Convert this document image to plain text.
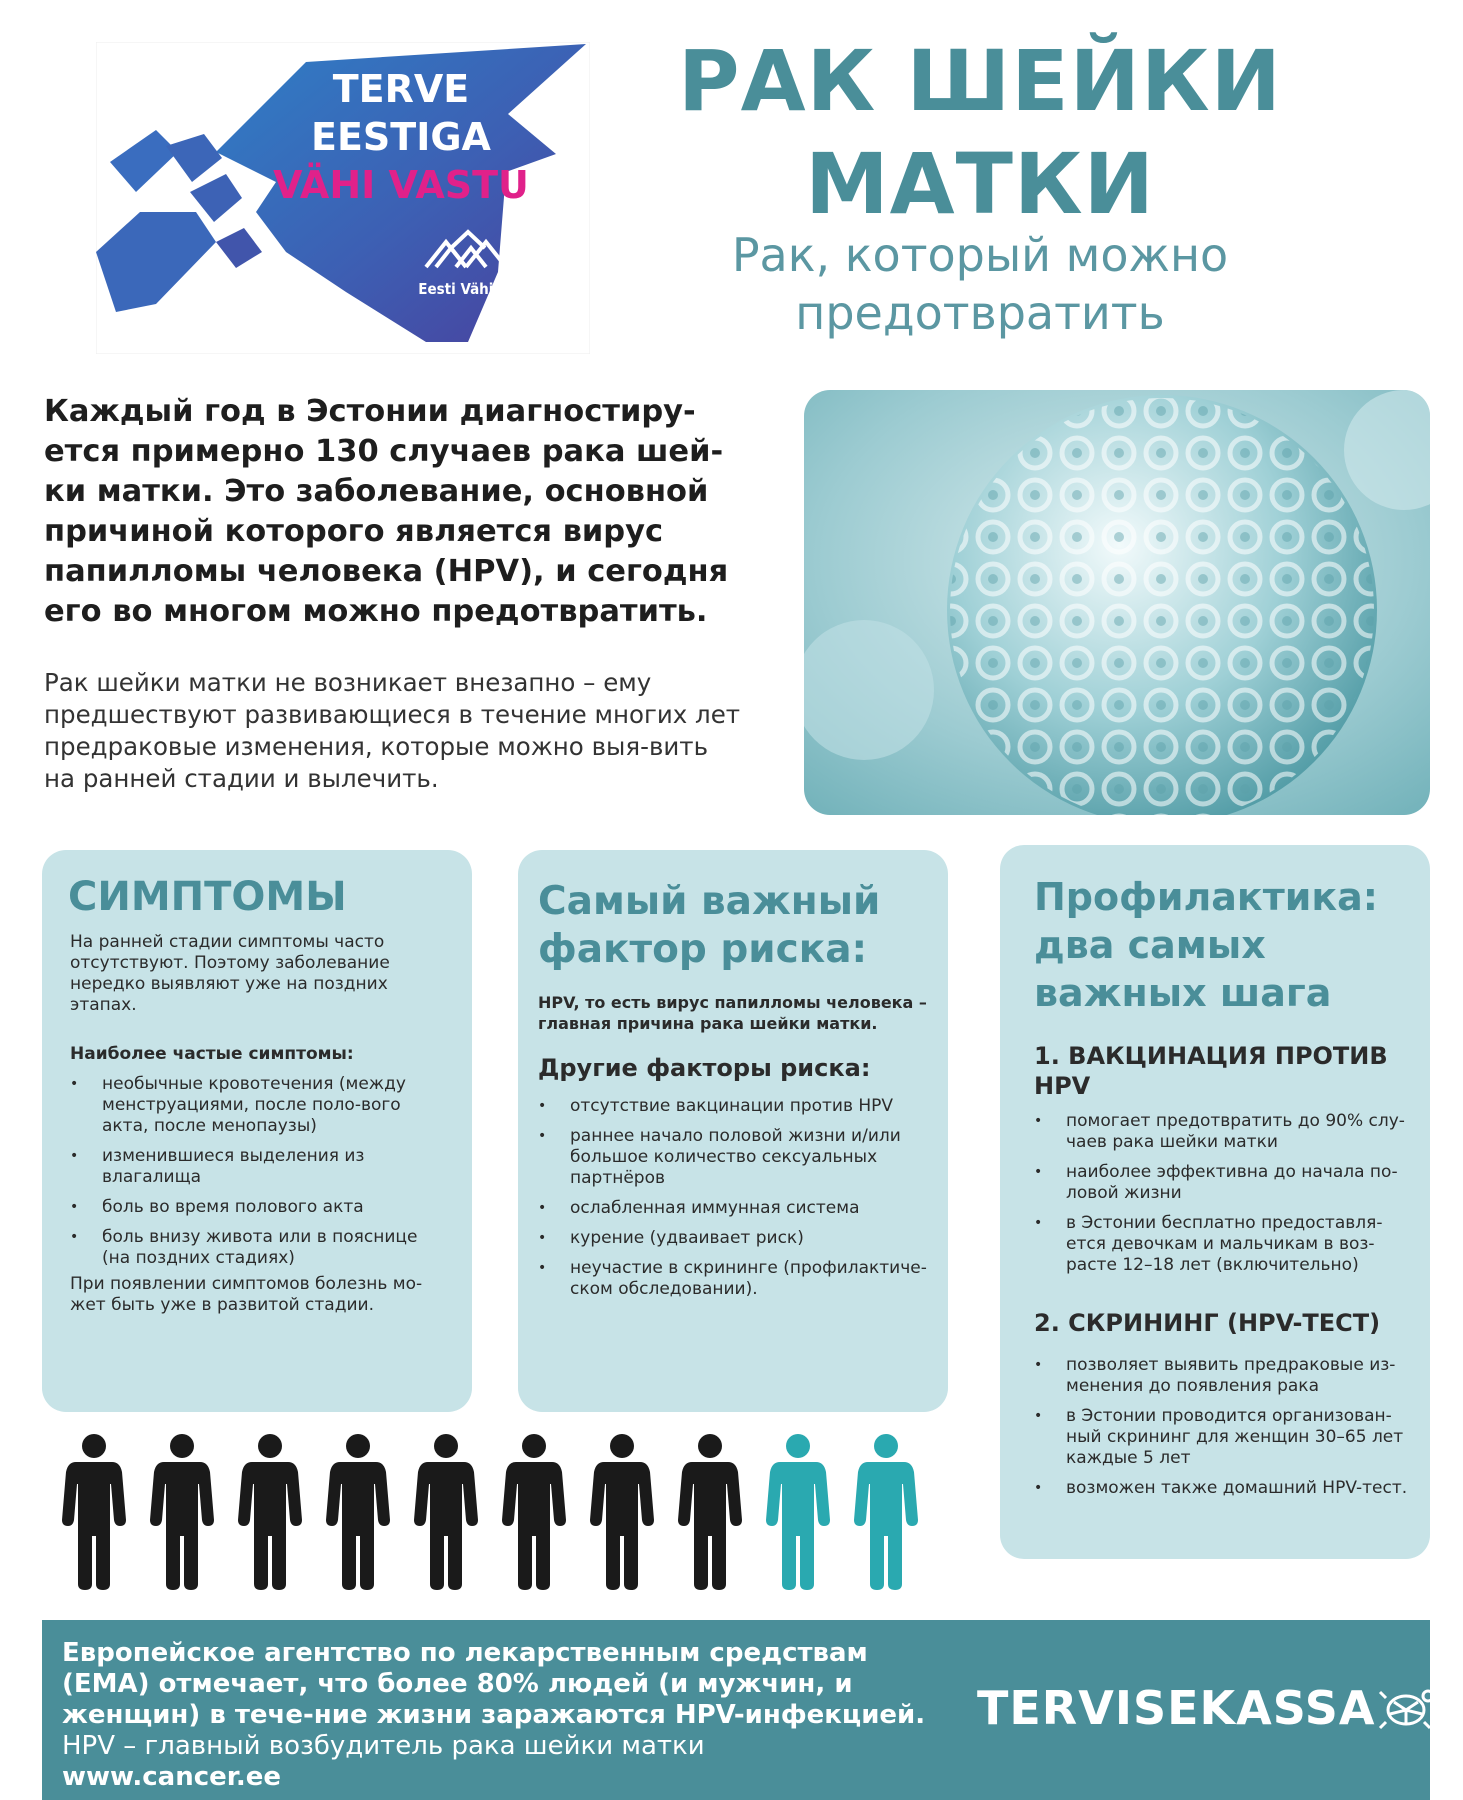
TERVE
EESTIGA
VÄHI VASTU
Eesti Vähiliit
РАК ШЕЙКИ
МАТКИ

Рак, который можно
предотвратить

Каждый год в Эстонии диагностиру-ется примерно 130 случаев рака шей-ки матки. Это заболевание, основной причиной которого является вирус папилломы человека (HPV), и сегодня его во многом можно предотвратить.

Рак шейки матки не возникает внезапно – ему предшествуют развивающиеся в течение многих лет предраковые изменения, которые можно выя-вить на ранней стадии и вылечить.

СИМПТОМЫ

На ранней стадии симптомы часто отсутствуют. Поэтому заболевание нередко выявляют уже на поздних этапах.

Наиболее частые симптомы:

• необычные кровотечения (между менструациями, после поло-вого акта, после менопаузы)
• изменившиеся выделения из влагалища
• боль во время полового акта
• боль внизу живота или в пояснице (на поздних стадиях)

При появлении симптомов болезнь мо-жет быть уже в развитой стадии.

Самый важный фактор риска:

HPV, то есть вирус папилломы человека – главная причина рака шейки матки.

Другие факторы риска:

• отсутствие вакцинации против HPV
• раннее начало половой жизни и/или большое количество сексуальных партнёров
• ослабленная иммунная система
• курение (удваивает риск)
• неучастие в скрининге (профилактиче-ском обследовании).
Профилактика: два самых важных шага

1. ВАКЦИНАЦИЯ ПРОТИВ HPV

• помогает предотвратить до 90% слу-чаев рака шейки матки
• наиболее эффективна до начала по-ловой жизни
• в Эстонии бесплатно предоставля-ется девочкам и мальчикам в воз-расте 12–18 лет (включительно)

2. СКРИНИНГ (HPV-ТЕСТ)

• позволяет выявить предраковые из-менения до появления рака
• в Эстонии проводится организован-ный скрининг для женщин 30–65 лет каждые 5 лет
• возможен также домашний HPV-тест.

Европейское агентство по лекарственным средствам (EMA) отмечает, что более 80% людей (и мужчин, и женщин) в тече-ние жизни заражаются HPV-инфекцией.
HPV – главный возбудитель рака шейки матки

www.cancer.ee

TERVISEKASSA
